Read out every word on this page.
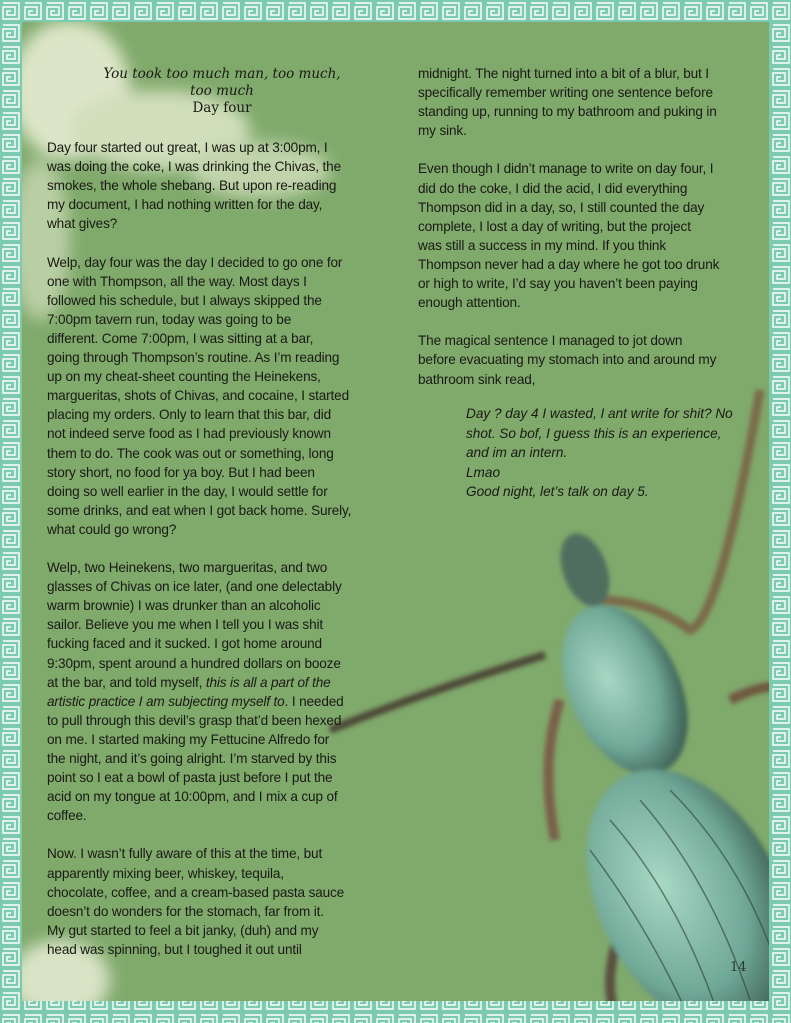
You took too much man, too much,
too much
Day four
Day four started out great, I was up at 3:00pm, I
was doing the coke, I was drinking the Chivas, the
smokes, the whole shebang. But upon re-reading
my document, I had nothing written for the day,
what gives?
Welp, day four was the day I decided to go one for
one with Thompson, all the way. Most days I
followed his schedule, but I always skipped the
7:00pm tavern run, today was going to be
different. Come 7:00pm, I was sitting at a bar,
going through Thompson’s routine. As I’m reading
up on my cheat-sheet counting the Heinekens,
margueritas, shots of Chivas, and cocaine, I started
placing my orders. Only to learn that this bar, did
not indeed serve food as I had previously known
them to do. The cook was out or something, long
story short, no food for ya boy. But I had been
doing so well earlier in the day, I would settle for
some drinks, and eat when I got back home. Surely,
what could go wrong?
Welp, two Heinekens, two margueritas, and two
glasses of Chivas on ice later, (and one delectably
warm brownie) I was drunker than an alcoholic
sailor. Believe you me when I tell you I was shit
fucking faced and it sucked. I got home around
9:30pm, spent around a hundred dollars on booze
at the bar, and told myself, this is all a part of the
artistic practice I am subjecting myself to. I needed
to pull through this devil’s grasp that’d been hexed
on me. I started making my Fettucine Alfredo for
the night, and it’s going alright. I’m starved by this
point so I eat a bowl of pasta just before I put the
acid on my tongue at 10:00pm, and I mix a cup of
coffee.
Now. I wasn’t fully aware of this at the time, but
apparently mixing beer, whiskey, tequila,
chocolate, coffee, and a cream-based pasta sauce
doesn’t do wonders for the stomach, far from it.
My gut started to feel a bit janky, (duh) and my
head was spinning, but I toughed it out until
midnight. The night turned into a bit of a blur, but I
specifically remember writing one sentence before
standing up, running to my bathroom and puking in
my sink.
Even though I didn’t manage to write on day four, I
did do the coke, I did the acid, I did everything
Thompson did in a day, so, I still counted the day
complete, I lost a day of writing, but the project
was still a success in my mind. If you think
Thompson never had a day where he got too drunk
or high to write, I’d say you haven’t been paying
enough attention.
The magical sentence I managed to jot down
before evacuating my stomach into and around my
bathroom sink read,
Day ? day 4 I wasted, I ant write for shit? No
shot. So bof, I guess this is an experience,
and im an intern.
Lmao
Good night, let’s talk on day 5.
14
